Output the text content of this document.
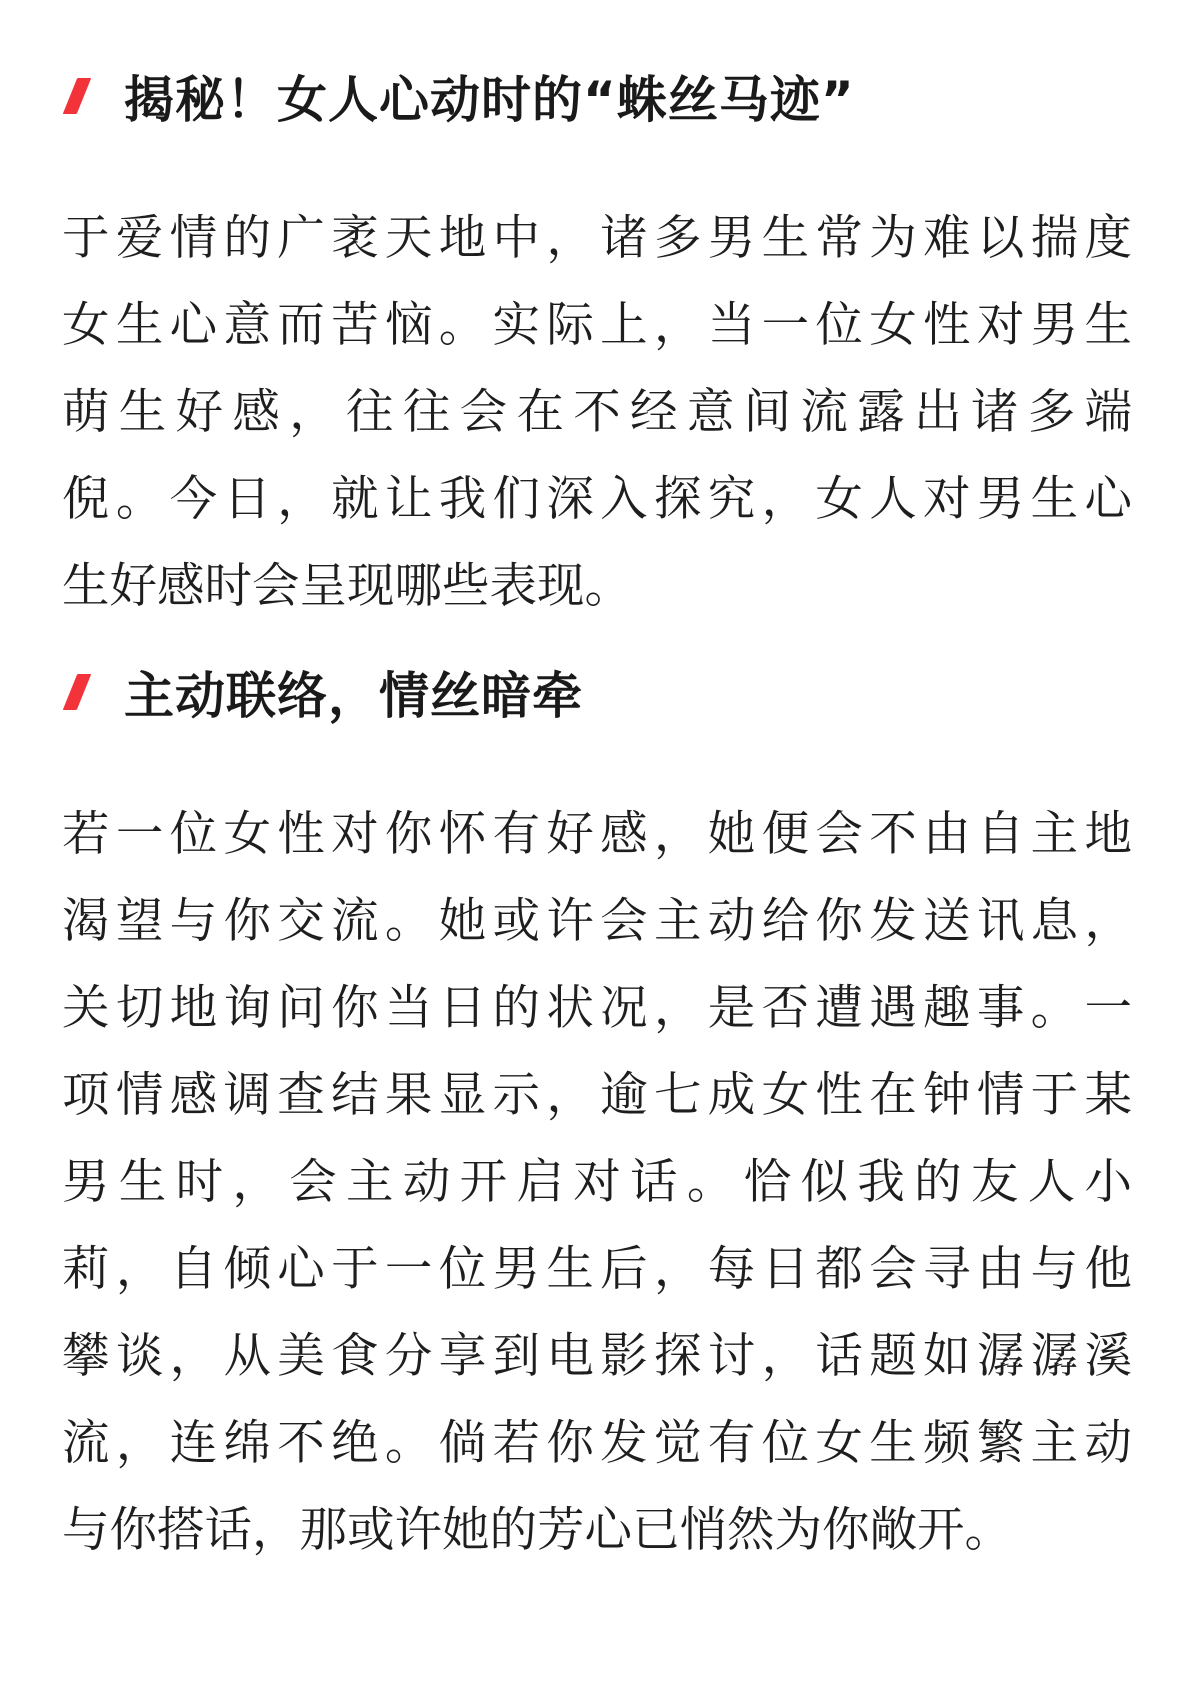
揭秘！女人心动时的“蛛丝马迹”
于爱情的广袤天地中，诸多男生常为难以揣度
女生心意而苦恼。实际上，当一位女性对男生
萌生好感，往往会在不经意间流露出诸多端
倪。今日，就让我们深入探究，女人对男生心
生好感时会呈现哪些表现。
主动联络，情丝暗牵
若一位女性对你怀有好感，她便会不由自主地
渴望与你交流。她或许会主动给你发送讯息，
关切地询问你当日的状况，是否遭遇趣事。一
项情感调查结果显示，逾七成女性在钟情于某
男生时，会主动开启对话。恰似我的友人小
莉，自倾心于一位男生后，每日都会寻由与他
攀谈，从美食分享到电影探讨，话题如潺潺溪
流，连绵不绝。倘若你发觉有位女生频繁主动
与你搭话，那或许她的芳心已悄然为你敞开。
